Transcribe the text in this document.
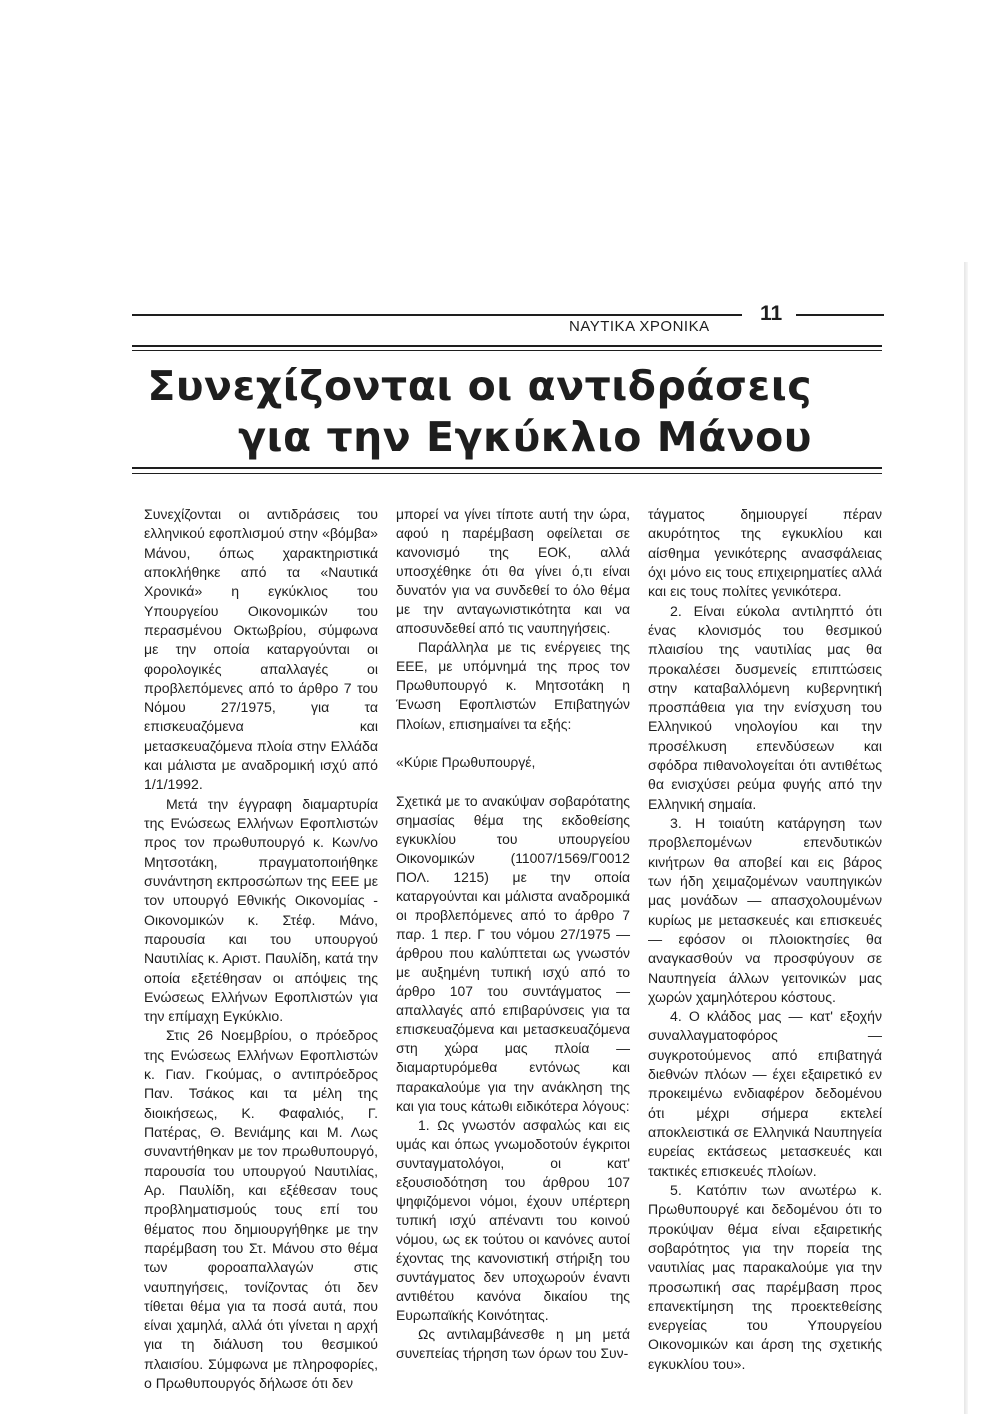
ΝΑΥΤΙΚΑ ΧΡΟΝΙΚΑ
11
Συνεχίζονται οι αντιδράσεις
για την Εγκύκλιο Μάνου

Συνεχίζονται οι αντιδράσεις του ελληνικού εφοπλισμού στην «βόμβα» Μάνου, όπως χαρακτηριστικά αποκλήθηκε από τα «Ναυτικά Χρονικά» η εγκύκλιος του Υπουργείου Οικονομικών του περασμένου Οκτωβρίου, σύμφωνα με την οποία καταργούνται οι φορολογικές απαλλαγές οι προβλεπόμενες από το άρθρο 7 του Νόμου 27/1975, για τα επισκευαζόμενα και μετασκευαζόμενα πλοία στην Ελλάδα και μάλιστα με αναδρομική ισχύ από 1/1/1992.

Μετά την έγγραφη διαμαρτυρία της Ενώσεως Ελλήνων Εφοπλιστών προς τον πρωθυπουργό κ. Κων/νο Μητσοτάκη, πραγματοποιήθηκε συνάντηση εκπροσώπων της ΕΕΕ με τον υπουργό Εθνικής Οικονομίας - Οικονομικών κ. Στέφ. Μάνο, παρουσία και του υπουργού Ναυτιλίας κ. Αριστ. Παυλίδη, κατά την οποία εξετέθησαν οι απόψεις της Ενώσεως Ελλήνων Εφοπλιστών για την επίμαχη Εγκύκλιο.

Στις 26 Νοεμβρίου, ο πρόεδρος της Ενώσεως Ελλήνων Εφοπλιστών κ. Γιαν. Γκούμας, ο αντιπρόεδρος Παν. Τσάκος και τα μέλη της διοικήσεως, Κ. Φαφαλιός, Γ. Πατέρας, Θ. Βενιάμης και Μ. Λως συναντήθηκαν με τον πρωθυπουργό, παρουσία του υπουργού Ναυτιλίας, Αρ. Παυλίδη, και εξέθεσαν τους προβληματισμούς τους επί του θέματος που δημιουργήθηκε με την παρέμβαση του Στ. Μάνου στο θέμα των φοροαπαλλαγών στις ναυπηγήσεις, τονίζοντας ότι δεν τίθεται θέμα για τα ποσά αυτά, που είναι χαμηλά, αλλά ότι γίνεται η αρχή για τη διάλυση του θεσμικού πλαισίου. Σύμφωνα με πληροφορίες, ο Πρωθυπουργός δήλωσε ότι δεν

μπορεί να γίνει τίποτε αυτή την ώρα, αφού η παρέμβαση οφείλεται σε κανονισμό της ΕΟΚ, αλλά υποσχέθηκε ότι θα γίνει ό,τι είναι δυνατόν για να συνδεθεί το όλο θέμα με την ανταγωνιστικότητα και να αποσυνδεθεί από τις ναυπηγήσεις.

Παράλληλα με τις ενέργειες της ΕΕΕ, με υπόμνημά της προς τον Πρωθυπουργό κ. Μητσοτάκη η Ένωση Εφοπλιστών Επιβατηγών Πλοίων, επισημαίνει τα εξής:

«Κύριε Πρωθυπουργέ,

Σχετικά με το ανακύψαν σοβαρότατης σημασίας θέμα της εκδοθείσης εγκυκλίου του υπουργείου Οικονομικών (11007/1569/Γ0012 ΠΟΛ. 1215) με την οποία καταργούνται και μάλιστα αναδρομικά οι προβλεπόμενες από το άρθρο 7 παρ. 1 περ. Γ του νόμου 27/1975 — άρθρου που καλύπτεται ως γνωστόν με αυξημένη τυπική ισχύ από το άρθρο 107 του συντάγματος — απαλλαγές από επιβαρύνσεις για τα επισκευαζόμενα και μετασκευαζόμενα στη χώρα μας πλοία — διαμαρτυρόμεθα εντόνως και παρακαλούμε για την ανάκληση της και για τους κάτωθι ειδικότερα λόγους:

1. Ως γνωστόν ασφαλώς και εις υμάς και όπως γνωμοδοτούν έγκριτοι συνταγματολόγοι, οι κατ' εξουσιοδότηση του άρθρου 107 ψηφιζόμενοι νόμοι, έχουν υπέρτερη τυπική ισχύ απέναντι του κοινού νόμου, ως εκ τούτου οι κανόνες αυτοί έχοντας της κανονιστική στήριξη του συντάγματος δεν υποχωρούν έναντι αντιθέτου κανόνα δικαίου της Ευρωπαϊκής Κοινότητας.

Ως αντιλαμβάνεσθε η μη μετά συνεπείας τήρηση των όρων του Συν-

τάγματος δημιουργεί πέραν ακυρότητος της εγκυκλίου και αίσθημα γενικότερης ανασφάλειας όχι μόνο εις τους επιχειρηματίες αλλά και εις τους πολίτες γενικότερα.

2. Είναι εύκολα αντιληπτό ότι ένας κλονισμός του θεσμικού πλαισίου της ναυτιλίας μας θα προκαλέσει δυσμενείς επιπτώσεις στην καταβαλλόμενη κυβερνητική προσπάθεια για την ενίσχυση του Ελληνικού νηολογίου και την προσέλκυση επενδύσεων και σφόδρα πιθανολογείται ότι αντιθέτως θα ενισχύσει ρεύμα φυγής από την Ελληνική σημαία.

3. Η τοιαύτη κατάργηση των προβλεπομένων επενδυτικών κινήτρων θα αποβεί και εις βάρος των ήδη χειμαζομένων ναυπηγικών μας μονάδων — απασχολουμένων κυρίως με μετασκευές και επισκευές — εφόσον οι πλοιοκτησίες θα αναγκασθούν να προσφύγουν σε Ναυπηγεία άλλων γειτονικών μας χωρών χαμηλότερου κόστους.

4. Ο κλάδος μας — κατ' εξοχήν συναλλαγματοφόρος — συγκροτούμενος από επιβατηγά διεθνών πλόων — έχει εξαιρετικό εν προκειμένω ενδιαφέρον δεδομένου ότι μέχρι σήμερα εκτελεί αποκλειστικά σε Ελληνικά Ναυπηγεία ευρείας εκτάσεως μετασκευές και τακτικές επισκευές πλοίων.

5. Κατόπιν των ανωτέρω κ. Πρωθυπουργέ και δεδομένου ότι το προκύψαν θέμα είναι εξαιρετικής σοβαρότητος για την πορεία της ναυτιλίας μας παρακαλούμε για την προσωπική σας παρέμβαση προς επανεκτίμηση της προεκτεθείσης ενεργείας του Υπουργείου Οικονομικών και άρση της σχετικής εγκυκλίου του».
